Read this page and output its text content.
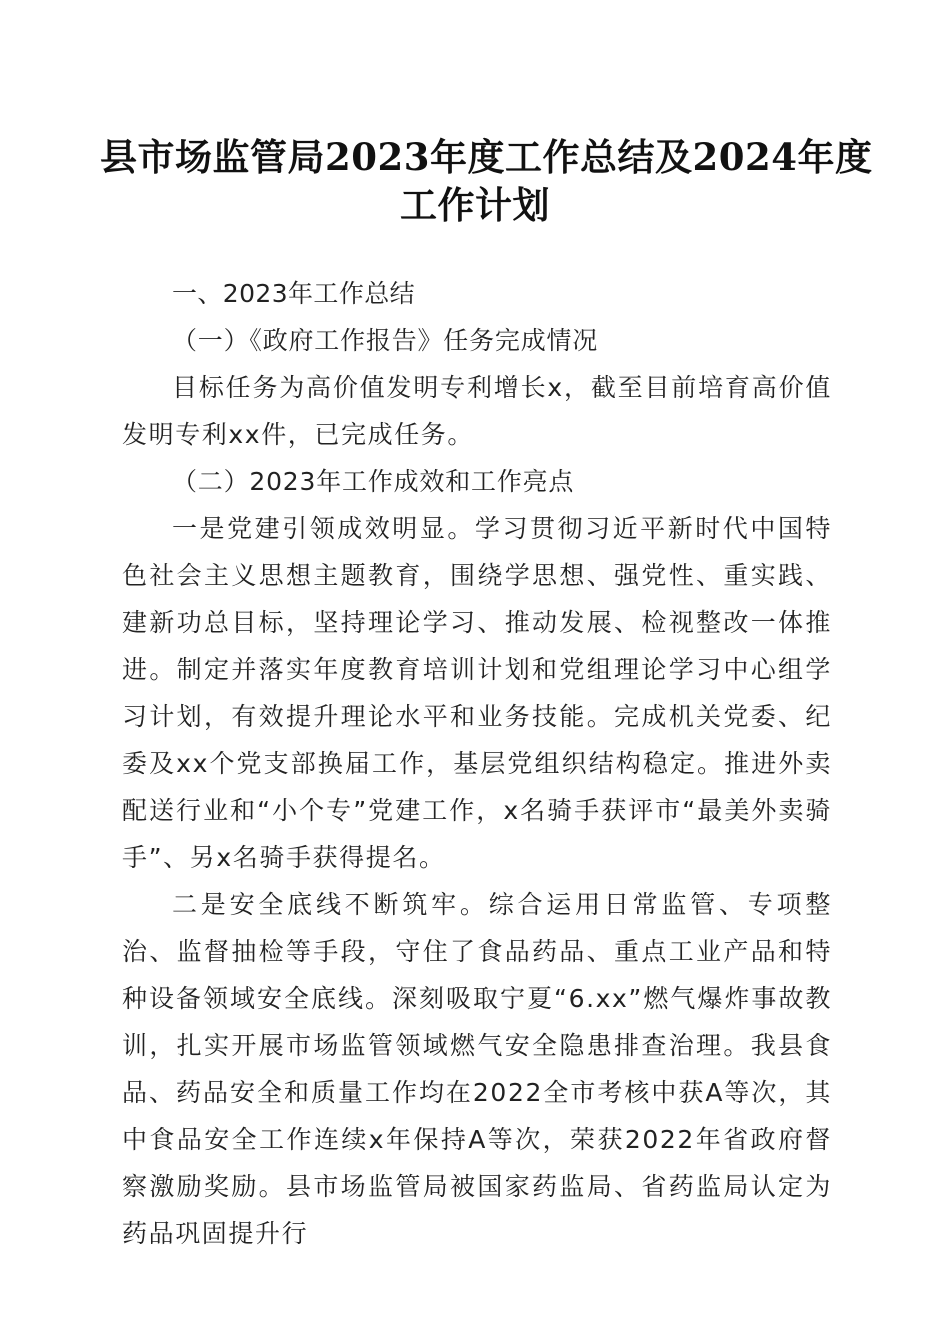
县市场监管局2023年度工作总结及2024年度
工作计划

一、2023年工作总结

（一）《政府工作报告》任务完成情况

目标任务为高价值发明专利增长x，截至目前培育高价值发明专利xx件，已完成任务。

（二）2023年工作成效和工作亮点

一是党建引领成效明显。学习贯彻习近平新时代中国特色社会主义思想主题教育，围绕学思想、强党性、重实践、建新功总目标，坚持理论学习、推动发展、检视整改一体推进。制定并落实年度教育培训计划和党组理论学习中心组学习计划，有效提升理论水平和业务技能。完成机关党委、纪委及xx个党支部换届工作，基层党组织结构稳定。推进外卖配送行业和“小个专”党建工作，x名骑手获评市“最美外卖骑手”、另x名骑手获得提名。

二是安全底线不断筑牢。综合运用日常监管、专项整治、监督抽检等手段，守住了食品药品、重点工业产品和特种设备领域安全底线。深刻吸取宁夏“6.xx”燃气爆炸事故教训，扎实开展市场监管领域燃气安全隐患排查治理。我县食品、药品安全和质量工作均在2022全市考核中获A等次，其中食品安全工作连续x年保持A等次，荣获2022年省政府督察激励奖励。县市场监管局被国家药监局、省药监局认定为药品巩固提升行
